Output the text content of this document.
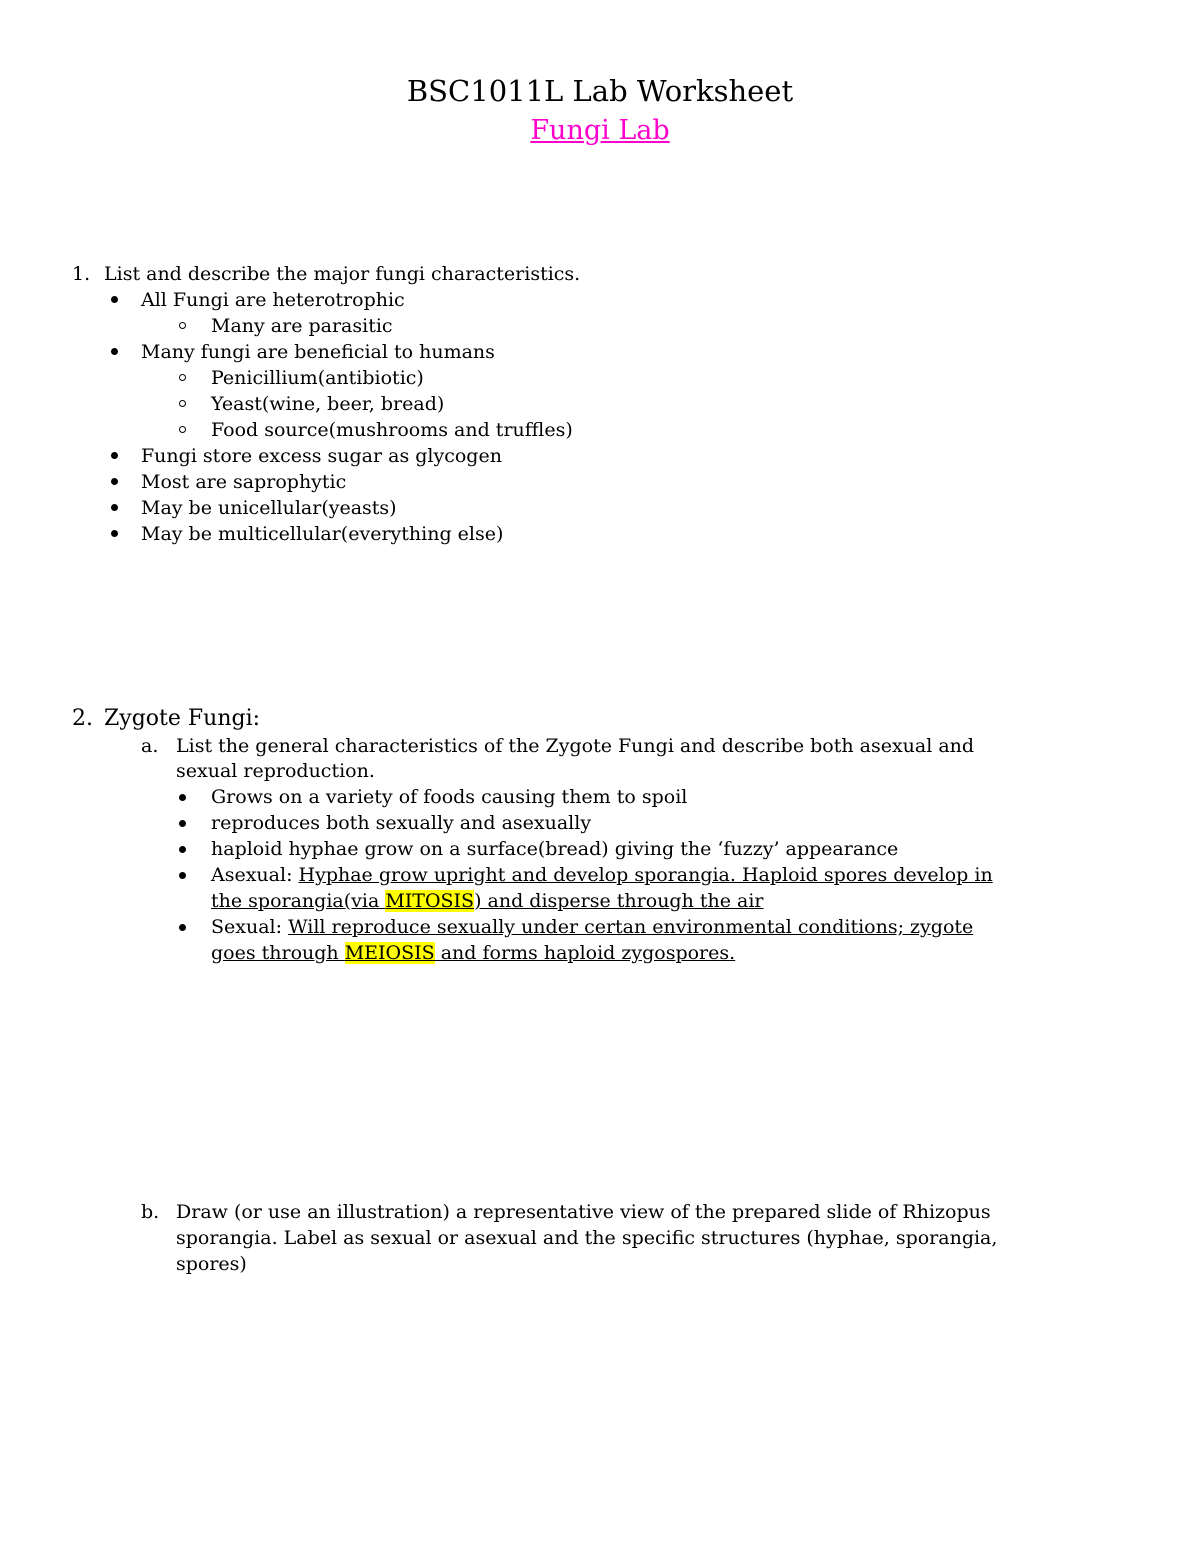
BSC1011L Lab Worksheet
Fungi Lab
1. List and describe the major fungi characteristics.
All Fungi are heterotrophic
Many are parasitic
Many fungi are beneficial to humans
Penicillium(antibiotic)
Yeast(wine, beer, bread)
Food source(mushrooms and truffles)
Fungi store excess sugar as glycogen
Most are saprophytic
May be unicellular(yeasts)
May be multicellular(everything else)
2. Zygote Fungi:
a. List the general characteristics of the Zygote Fungi and describe both asexual and
sexual reproduction.
Grows on a variety of foods causing them to spoil
reproduces both sexually and asexually
haploid hyphae grow on a surface(bread) giving the ‘fuzzy’ appearance
Asexual: Hyphae grow upright and develop sporangia. Haploid spores develop in
the sporangia(via MITOSIS) and disperse through the air
Sexual: Will reproduce sexually under certan environmental conditions; zygote
goes through MEIOSIS and forms haploid zygospores.
b. Draw (or use an illustration) a representative view of the prepared slide of Rhizopus
sporangia. Label as sexual or asexual and the specific structures (hyphae, sporangia,
spores)
